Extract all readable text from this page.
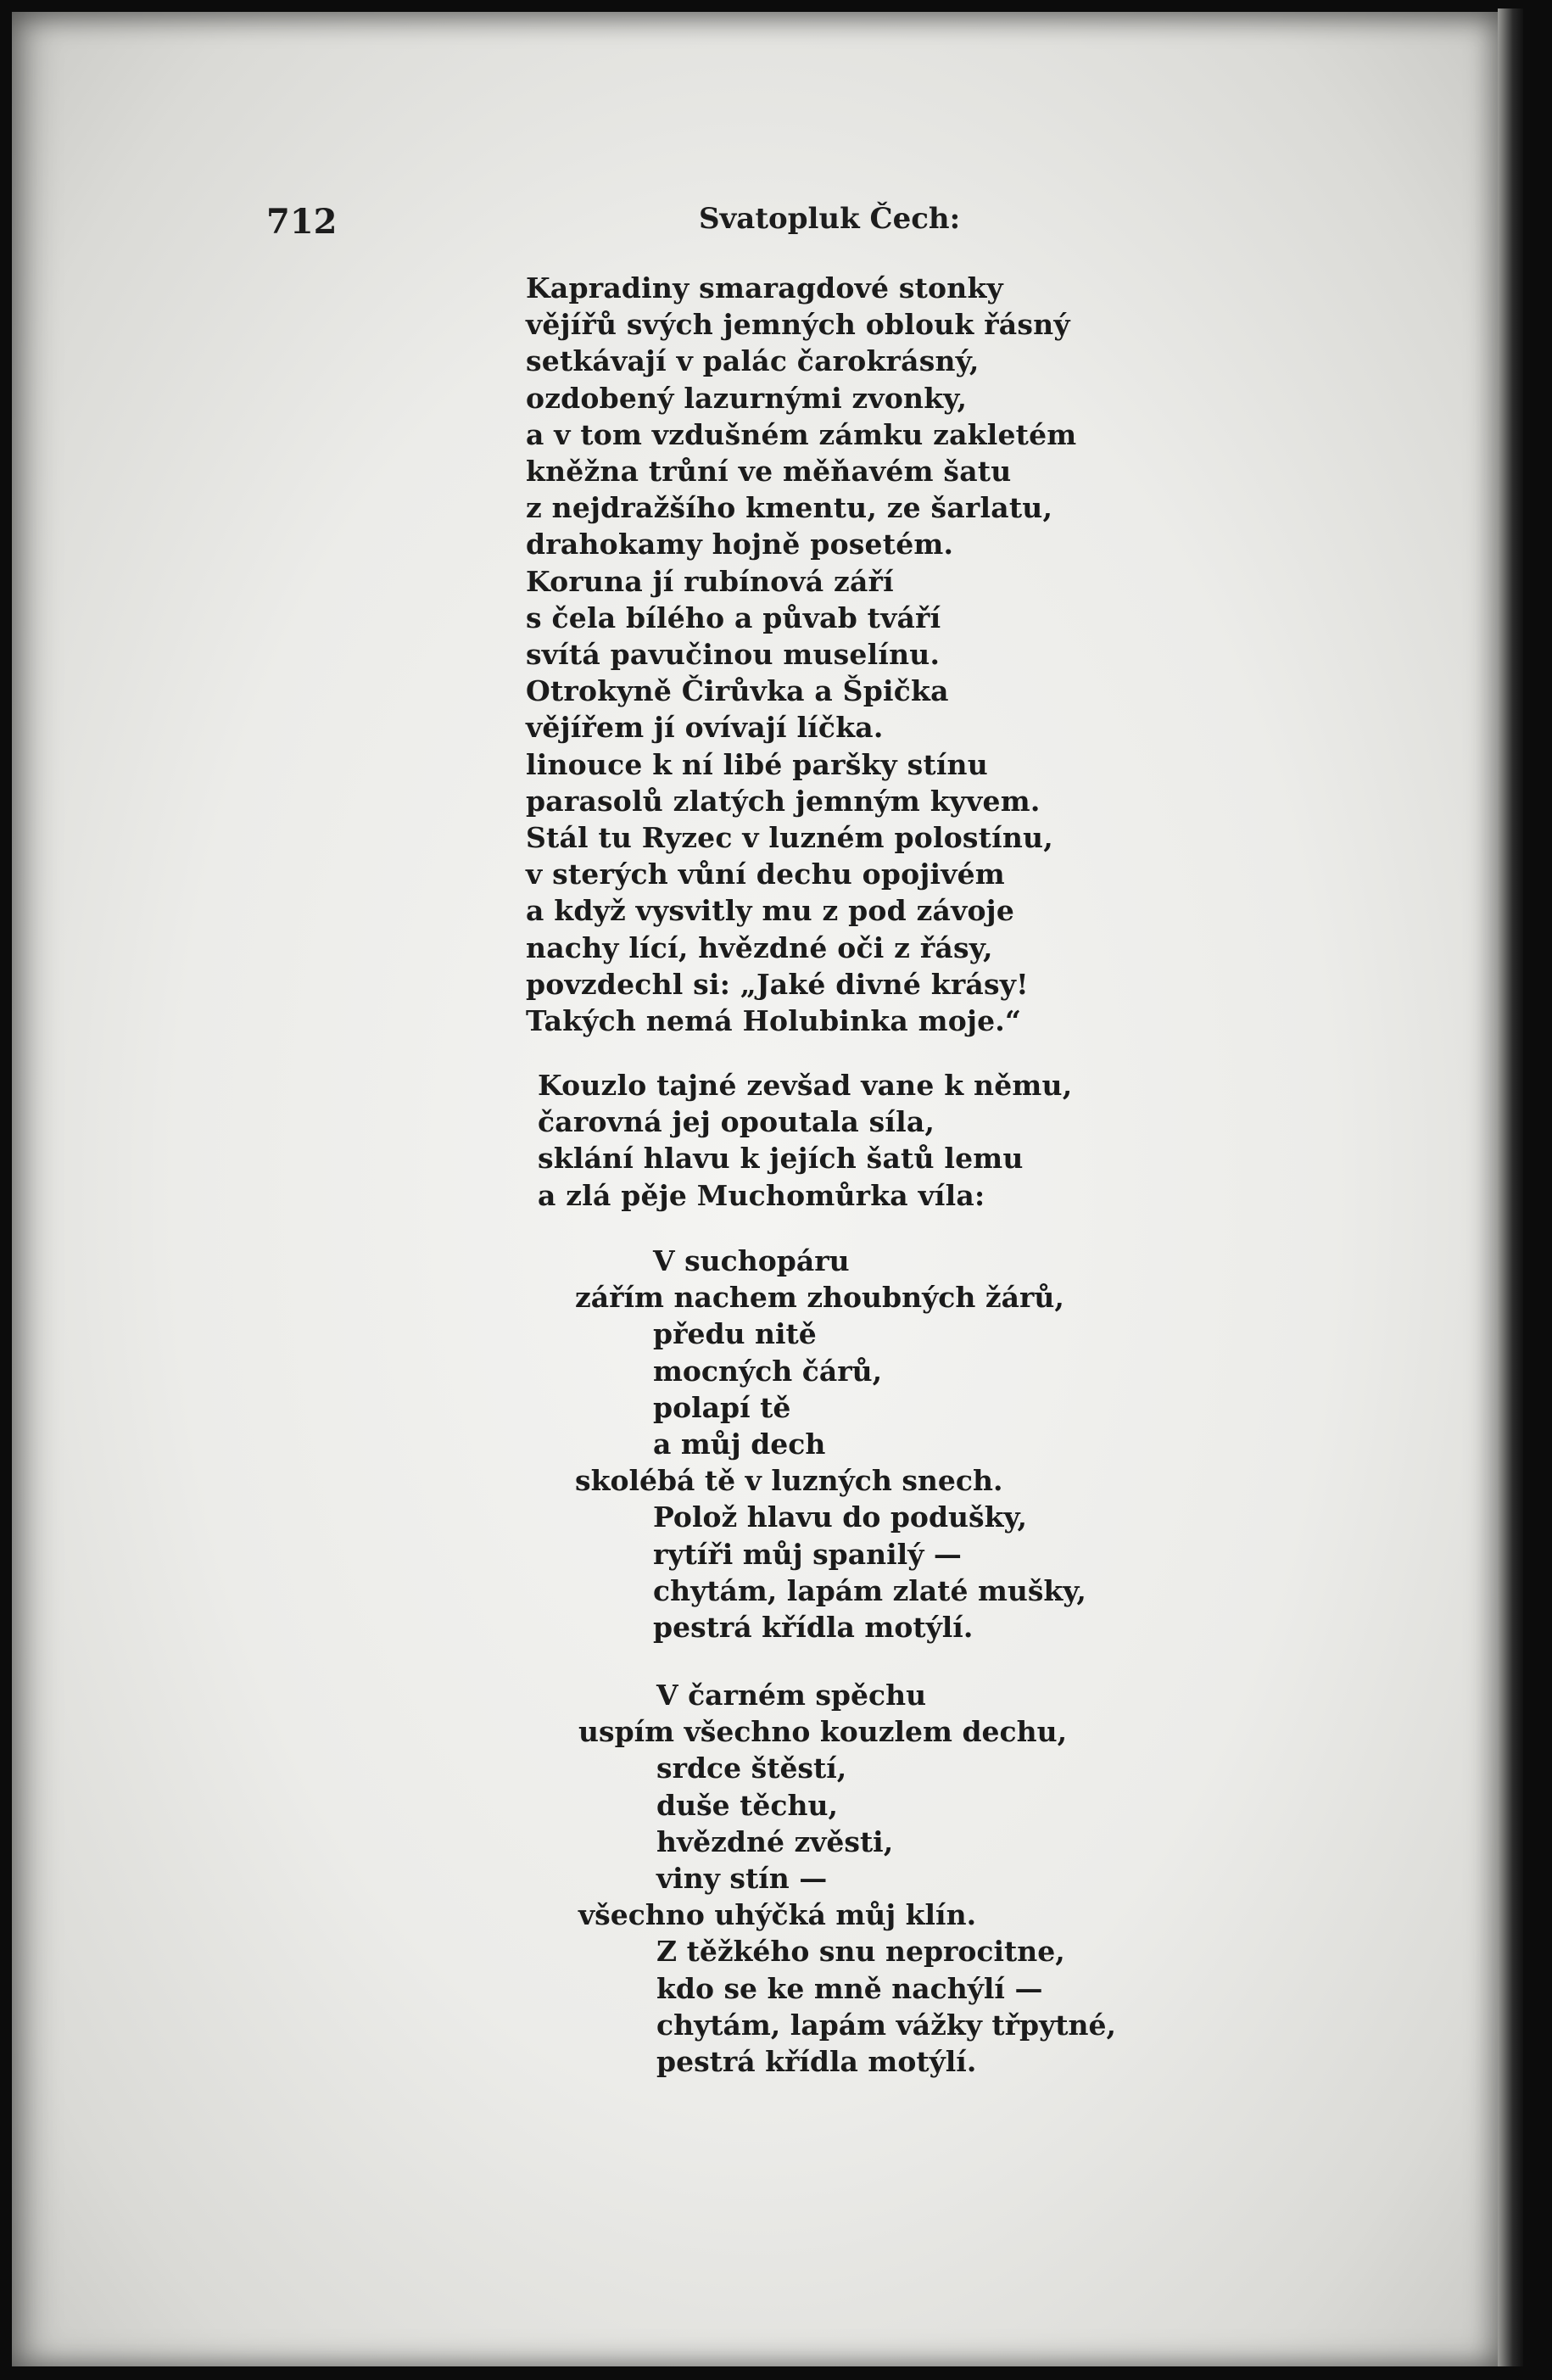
712	Svatopluk Čech:
Kapradiny smaragdové stonky
vějířů svých jemných oblouk řásný
setkávají v palác čarokrásný,
ozdobený lazurnými zvonky,
a v tom vzdušném zámku zakletém
kněžna trůní ve měňavém šatu
z nejdražšího kmentu, ze šarlatu,
drahokamy hojně posetém.
Koruna jí rubínová září
s čela bílého a půvab tváří
svítá pavučinou muselínu.
Otrokyně Čirůvka a Špička
vějířem jí ovívají líčka.
linouce k ní libé paršky stínu
parasolů zlatých jemným kyvem.
Stál tu Ryzec v luzném polostínu,
v sterých vůní dechu opojivém
a když vysvitly mu z pod závoje
nachy lící, hvězdné oči z řásy,
povzdechl si: „Jaké divné krásy!
Takých nemá Holubinka moje.“
Kouzlo tajné zevšad vane k němu,
čarovná jej opoutala síla,
sklání hlavu k jejích šatů lemu
a zlá pěje Muchomůrka víla:
V suchopáru
zářím nachem zhoubných žárů,
předu nitě
mocných čárů,
polapí tě
a můj dech
skolébá tě v luzných snech.
Polož hlavu do podušky,
rytíři můj spanilý —
chytám, lapám zlaté mušky,
pestrá křídla motýlí.
V čarném spěchu
uspím všechno kouzlem dechu,
srdce štěstí,
duše těchu,
hvězdné zvěsti,
viny stín —
všechno uhýčká můj klín.
Z těžkého snu neprocitne,
kdo se ke mně nachýlí —
chytám, lapám vážky třpytné,
pestrá křídla motýlí.
